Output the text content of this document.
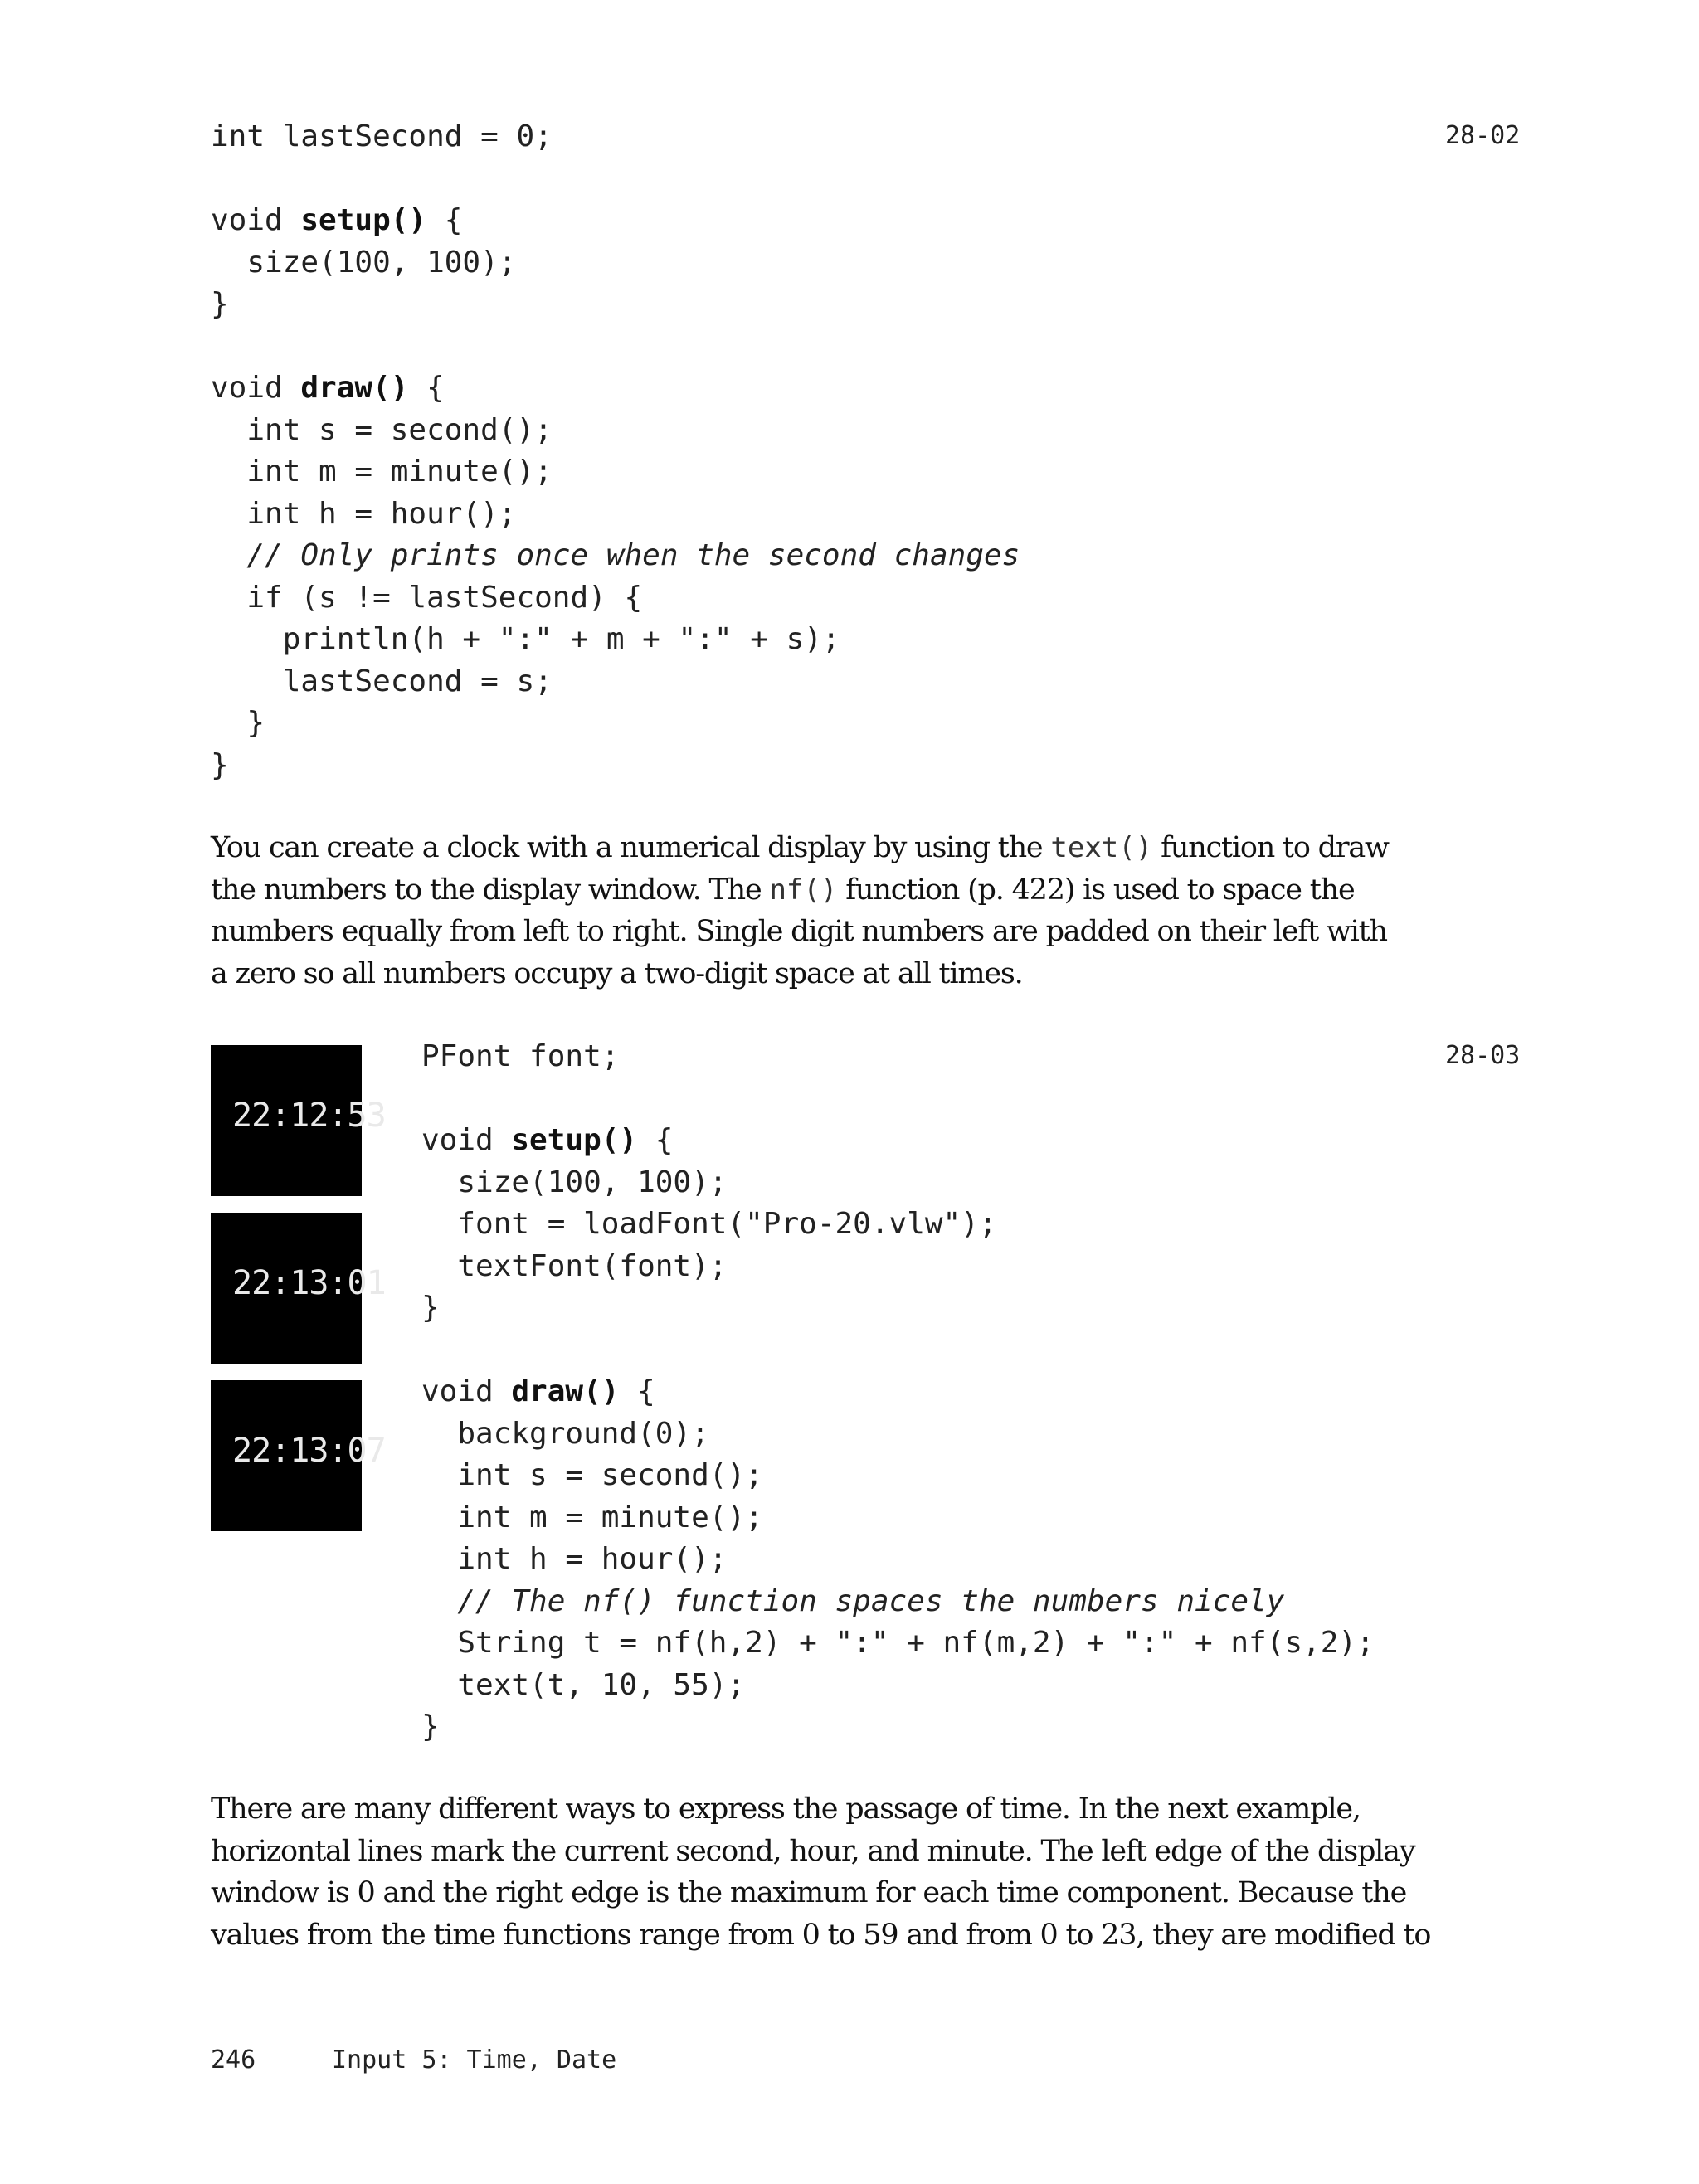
28-02
int lastSecond = 0;
void setup() {
size(100, 100);
}
void draw() {
int s = second();
int m = minute();
int h = hour();
// Only prints once when the second changes
if (s != lastSecond) {
println(h + ":" + m + ":" + s);
lastSecond = s;
}
}
You can create a clock with a numerical display by using the text() function to draw
the numbers to the display window. The nf() function (p. 422) is used to space the
numbers equally from left to right. Single digit numbers are padded on their left with
a zero so all numbers occupy a two-digit space at all times.
28-03
22:12:53
22:13:01
22:13:07
PFont font;
void setup() {
size(100, 100);
font = loadFont("Pro-20.vlw");
textFont(font);
}
void draw() {
background(0);
int s = second();
int m = minute();
int h = hour();
// The nf() function spaces the numbers nicely
String t = nf(h,2) + ":" + nf(m,2) + ":" + nf(s,2);
text(t, 10, 55);
}
There are many different ways to express the passage of time. In the next example,
horizontal lines mark the current second, hour, and minute. The left edge of the display
window is 0 and the right edge is the maximum for each time component. Because the
values from the time functions range from 0 to 59 and from 0 to 23, they are modified to
246	Input 5: Time, Date
